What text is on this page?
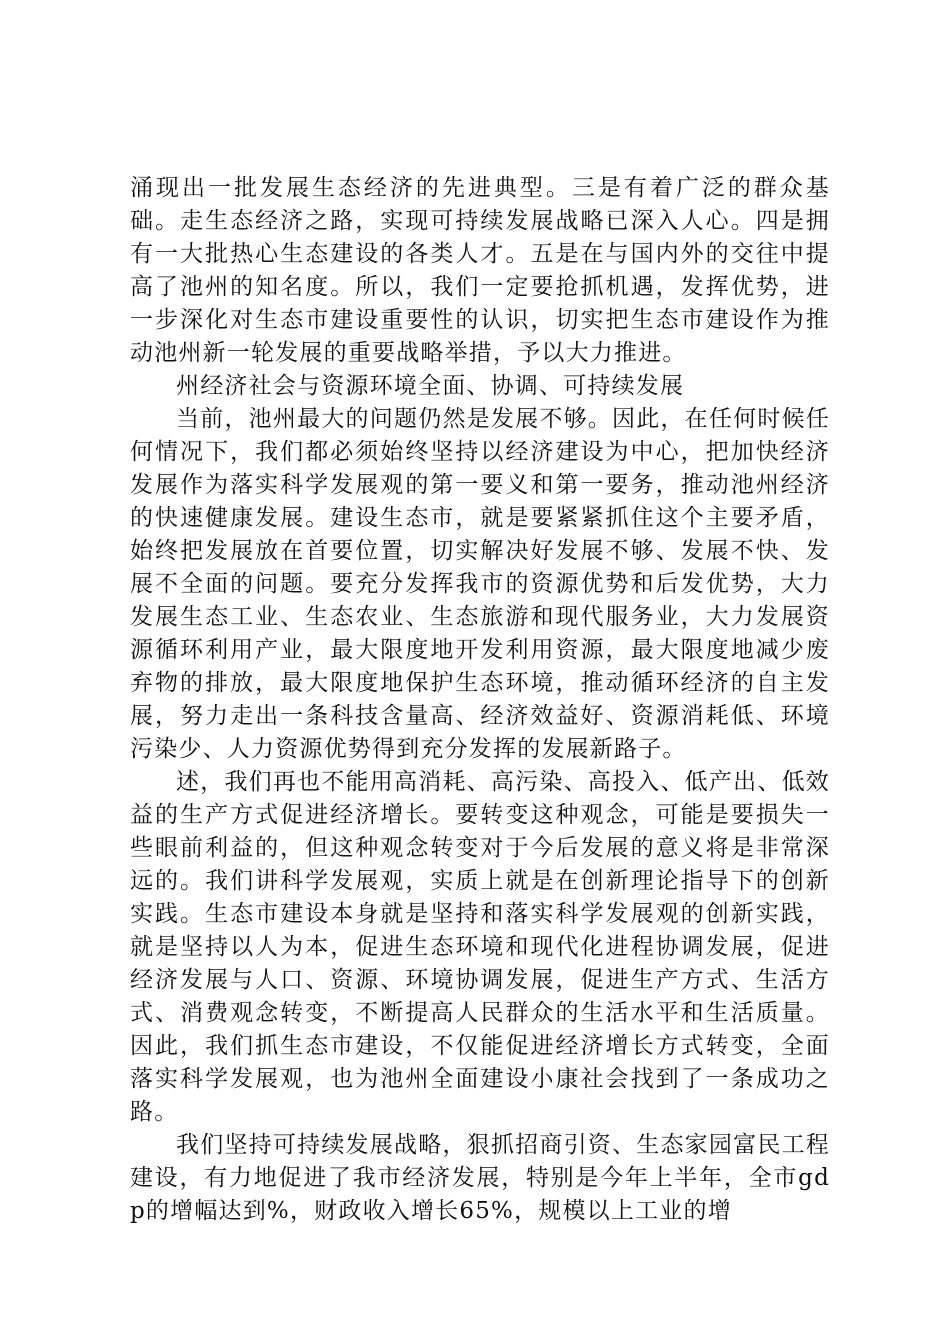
涌现出一批发展生态经济的先进典型。三是有着广泛的群众基础。走生态经济之路，实现可持续发展战略已深入人心。四是拥有一大批热心生态建设的各类人才。五是在与国内外的交往中提高了池州的知名度。所以，我们一定要抢抓机遇，发挥优势，进一步深化对生态市建设重要性的认识，切实把生态市建设作为推动池州新一轮发展的重要战略举措，予以大力推进。

州经济社会与资源环境全面、协调、可持续发展

当前，池州最大的问题仍然是发展不够。因此，在任何时候任何情况下，我们都必须始终坚持以经济建设为中心，把加快经济发展作为落实科学发展观的第一要义和第一要务，推动池州经济的快速健康发展。建设生态市，就是要紧紧抓住这个主要矛盾，始终把发展放在首要位置，切实解决好发展不够、发展不快、发展不全面的问题。要充分发挥我市的资源优势和后发优势，大力发展生态工业、生态农业、生态旅游和现代服务业，大力发展资源循环利用产业，最大限度地开发利用资源，最大限度地减少废弃物的排放，最大限度地保护生态环境，推动循环经济的自主发展，努力走出一条科技含量高、经济效益好、资源消耗低、环境污染少、人力资源优势得到充分发挥的发展新路子。

述，我们再也不能用高消耗、高污染、高投入、低产出、低效益的生产方式促进经济增长。要转变这种观念，可能是要损失一些眼前利益的，但这种观念转变对于今后发展的意义将是非常深远的。我们讲科学发展观，实质上就是在创新理论指导下的创新实践。生态市建设本身就是坚持和落实科学发展观的创新实践，就是坚持以人为本，促进生态环境和现代化进程协调发展，促进经济发展与人口、资源、环境协调发展，促进生产方式、生活方式、消费观念转变，不断提高人民群众的生活水平和生活质量。因此，我们抓生态市建设，不仅能促进经济增长方式转变，全面落实科学发展观，也为池州全面建设小康社会找到了一条成功之路。

我们坚持可持续发展战略，狠抓招商引资、生态家园富民工程建设，有力地促进了我市经济发展，特别是今年上半年，全市gdp的增幅达到%，财政收入增长65%，规模以上工业的增
